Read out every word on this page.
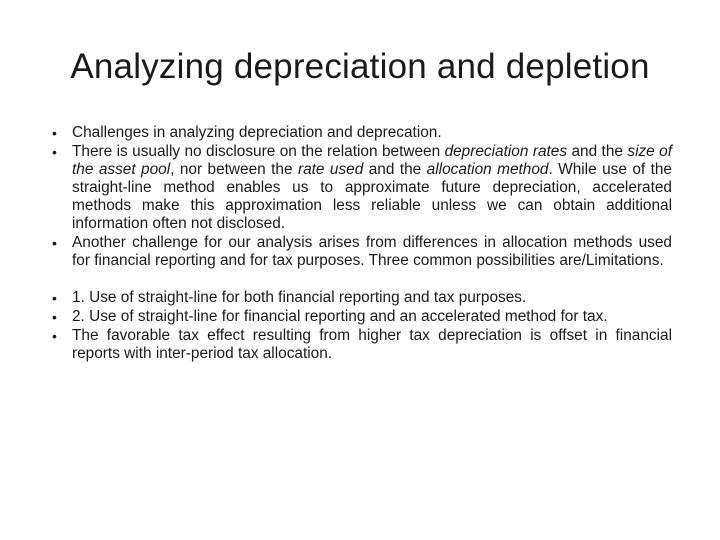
Analyzing depreciation and depletion
• Challenges in analyzing depreciation and deprecation.
• There is usually no disclosure on the relation between depreciation rates and the size of the asset pool, nor between the rate used and the allocation method. While use of the straight-line method enables us to approximate future depreciation, accelerated methods make this approximation less reliable unless we can obtain additional information often not disclosed.
• Another challenge for our analysis arises from differences in allocation methods used for financial reporting and for tax purposes. Three common possibilities are/Limitations.
• 1. Use of straight-line for both financial reporting and tax purposes.
• 2. Use of straight-line for financial reporting and an accelerated method for tax.
• The favorable tax effect resulting from higher tax depreciation is offset in financial reports with inter-period tax allocation.
